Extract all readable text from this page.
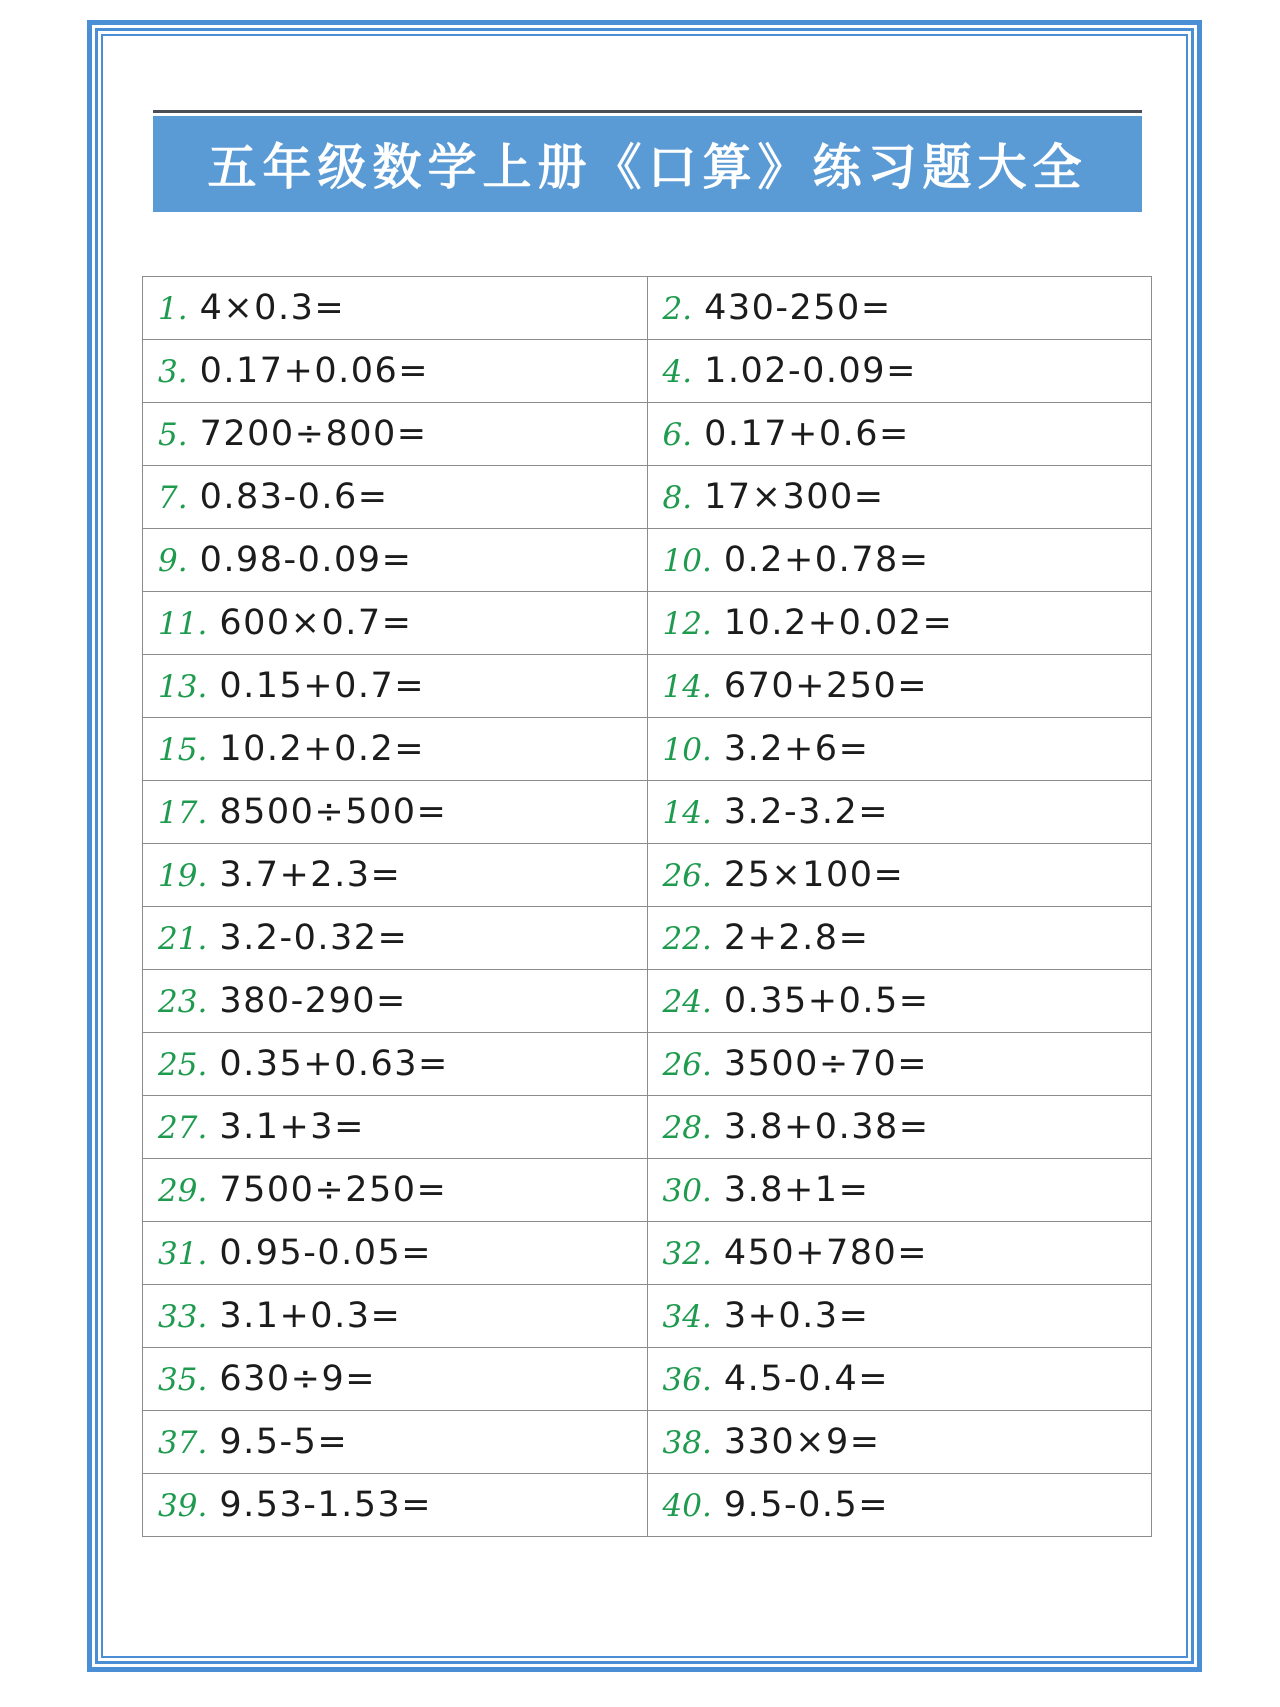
五年级数学上册《口算》练习题大全
1. 4×0.3=	2. 430-250=
3. 0.17+0.06=	4. 1.02-0.09=
5. 7200÷800=	6. 0.17+0.6=
7. 0.83-0.6=	8. 17×300=
9. 0.98-0.09=	10. 0.2+0.78=
11. 600×0.7=	12. 10.2+0.02=
13. 0.15+0.7=	14. 670+250=
15. 10.2+0.2=	10. 3.2+6=
17. 8500÷500=	14. 3.2-3.2=
19. 3.7+2.3=	26. 25×100=
21. 3.2-0.32=	22. 2+2.8=
23. 380-290=	24. 0.35+0.5=
25. 0.35+0.63=	26. 3500÷70=
27. 3.1+3=	28. 3.8+0.38=
29. 7500÷250=	30. 3.8+1=
31. 0.95-0.05=	32. 450+780=
33. 3.1+0.3=	34. 3+0.3=
35. 630÷9=	36. 4.5-0.4=
37. 9.5-5=	38. 330×9=
39. 9.53-1.53=	40. 9.5-0.5=
